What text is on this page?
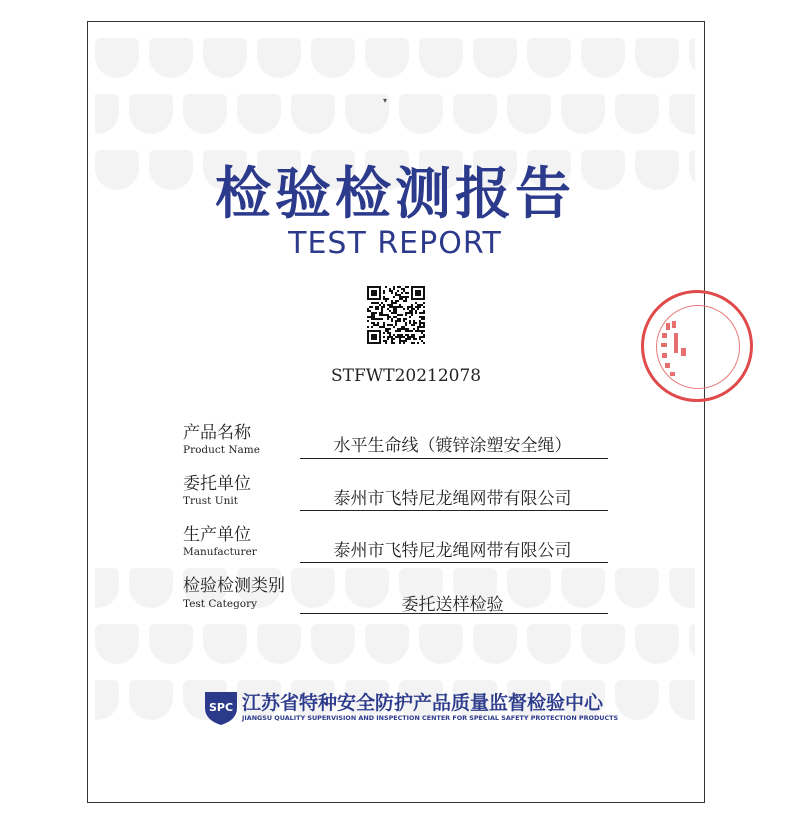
▾
检验检测报告
TEST REPORT
STFWT20212078
产品名称
Product Name	水平生命线（镀锌涂塑安全绳）
委托单位
Trust Unit	泰州市飞特尼龙绳网带有限公司
生产单位
Manufacturer	泰州市飞特尼龙绳网带有限公司
检验检测类别
Test Category	委托送样检验
SPC 江苏省特种安全防护产品质量监督检验中心
JIANGSU QUALITY SUPERVISION AND INSPECTION CENTER FOR SPECIAL SAFETY PROTECTION PRODUCTS
